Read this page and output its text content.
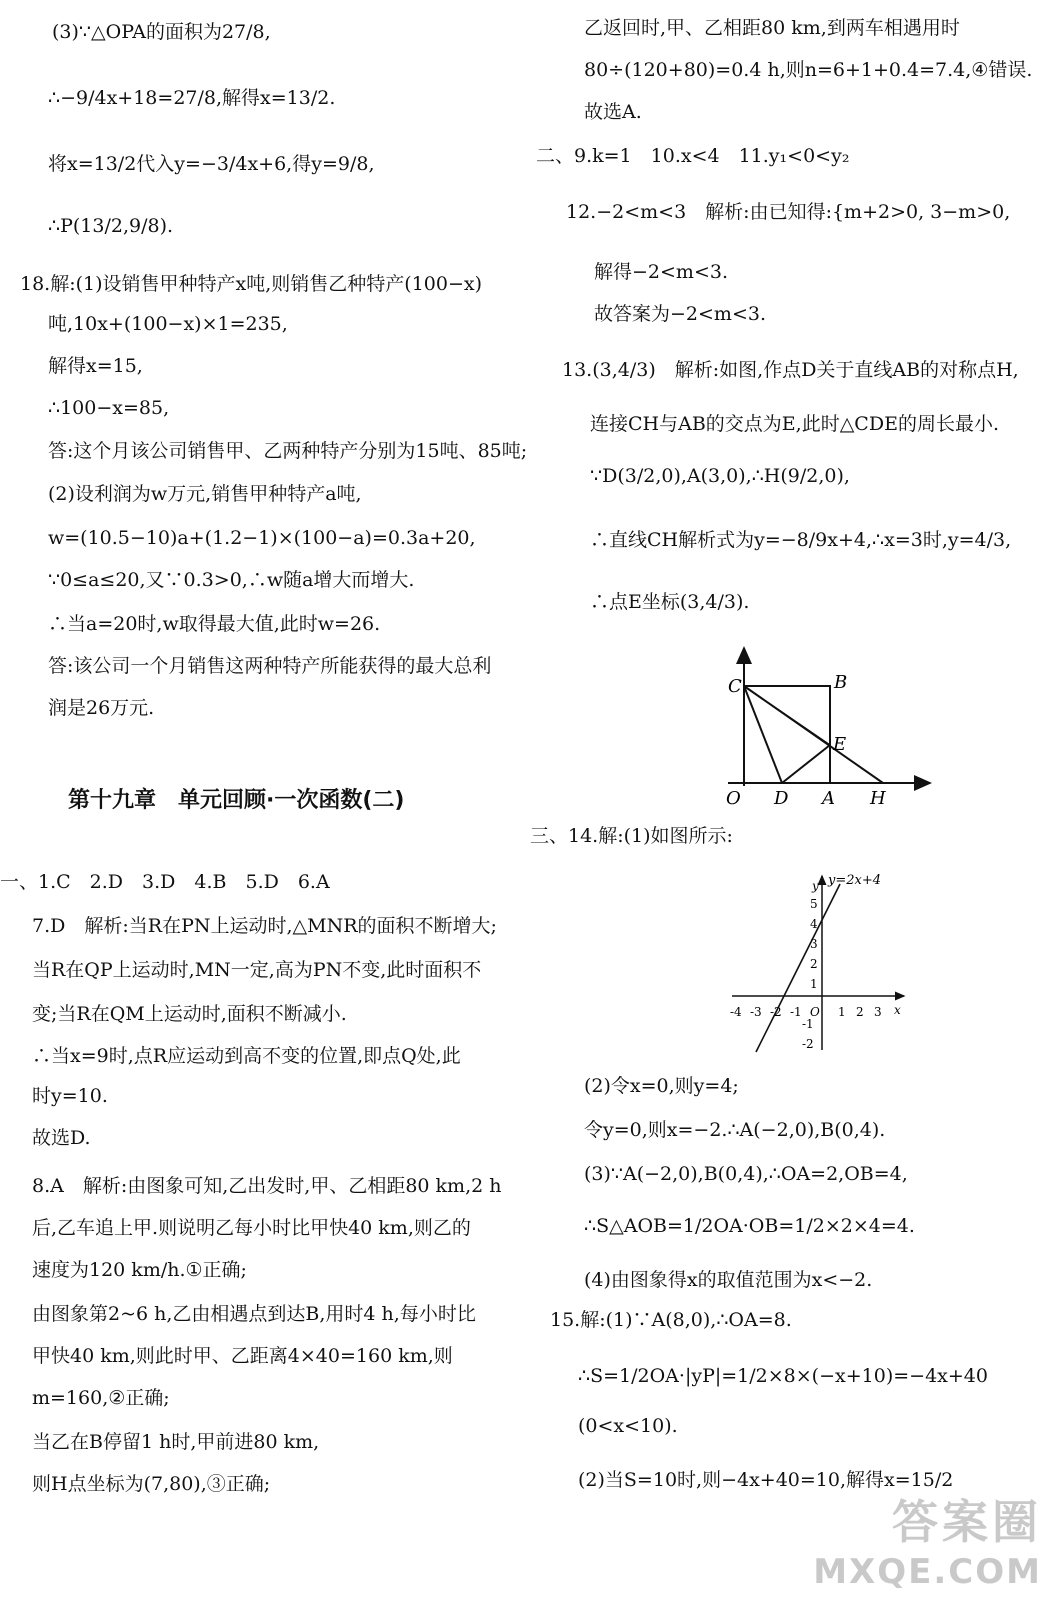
(3)∵△OPA的面积为27/8,
∴−9/4x+18=27/8,解得x=13/2.
将x=13/2代入y=−3/4x+6,得y=9/8,
∴P(13/2,9/8).
18.解:(1)设销售甲种特产x吨,则销售乙种特产(100−x)
吨,10x+(100−x)×1=235,
解得x=15,
∴100−x=85,
答:这个月该公司销售甲、乙两种特产分别为15吨、85吨;
(2)设利润为w万元,销售甲种特产a吨,
w=(10.5−10)a+(1.2−1)×(100−a)=0.3a+20,
∵0≤a≤20,又∵0.3>0,∴w随a增大而增大.
∴当a=20时,w取得最大值,此时w=26.
答:该公司一个月销售这两种特产所能获得的最大总利
润是26万元.
第十九章　单元回顾·一次函数(二)
一、1.C　2.D　3.D　4.B　5.D　6.A
7.D　解析:当R在PN上运动时,△MNR的面积不断增大;
当R在QP上运动时,MN一定,高为PN不变,此时面积不
变;当R在QM上运动时,面积不断减小.
∴当x=9时,点R应运动到高不变的位置,即点Q处,此
时y=10.
故选D.
8.A　解析:由图象可知,乙出发时,甲、乙相距80 km,2 h
后,乙车追上甲.则说明乙每小时比甲快40 km,则乙的
速度为120 km/h.①正确;
由图象第2~6 h,乙由相遇点到达B,用时4 h,每小时比
甲快40 km,则此时甲、乙距离4×40=160 km,则
m=160,②正确;
当乙在B停留1 h时,甲前进80 km,
则H点坐标为(7,80),③正确;
乙返回时,甲、乙相距80 km,到两车相遇用时
80÷(120+80)=0.4 h,则n=6+1+0.4=7.4,④错误.
故选A.
二、9.k=1　10.x<4　11.y₁<0<y₂
12.−2<m<3　解析:由已知得:{m+2>0, 3−m>0,
解得−2<m<3.
故答案为−2<m<3.
13.(3,4/3)　解析:如图,作点D关于直线AB的对称点H,
连接CH与AB的交点为E,此时△CDE的周长最小.
∵D(3/2,0),A(3,0),∴H(9/2,0),
∴直线CH解析式为y=−8/9x+4,∴x=3时,y=4/3,
∴点E坐标(3,4/3).
C	B
E
O D A H
三、14.解:(1)如图所示:
y=2x+4
y
x
-4 -3 -2 -1 O 1 2 3
5
4
3
2
1
-1
-2
(2)令x=0,则y=4;
令y=0,则x=−2.∴A(−2,0),B(0,4).
(3)∵A(−2,0),B(0,4),∴OA=2,OB=4,
∴S△AOB=1/2OA·OB=1/2×2×4=4.
(4)由图象得x的取值范围为x<−2.
15.解:(1)∵A(8,0),∴OA=8.
∴S=1/2OA·|yP|=1/2×8×(−x+10)=−4x+40
(0<x<10).
(2)当S=10时,则−4x+40=10,解得x=15/2
答案圈
MXQE.COM
